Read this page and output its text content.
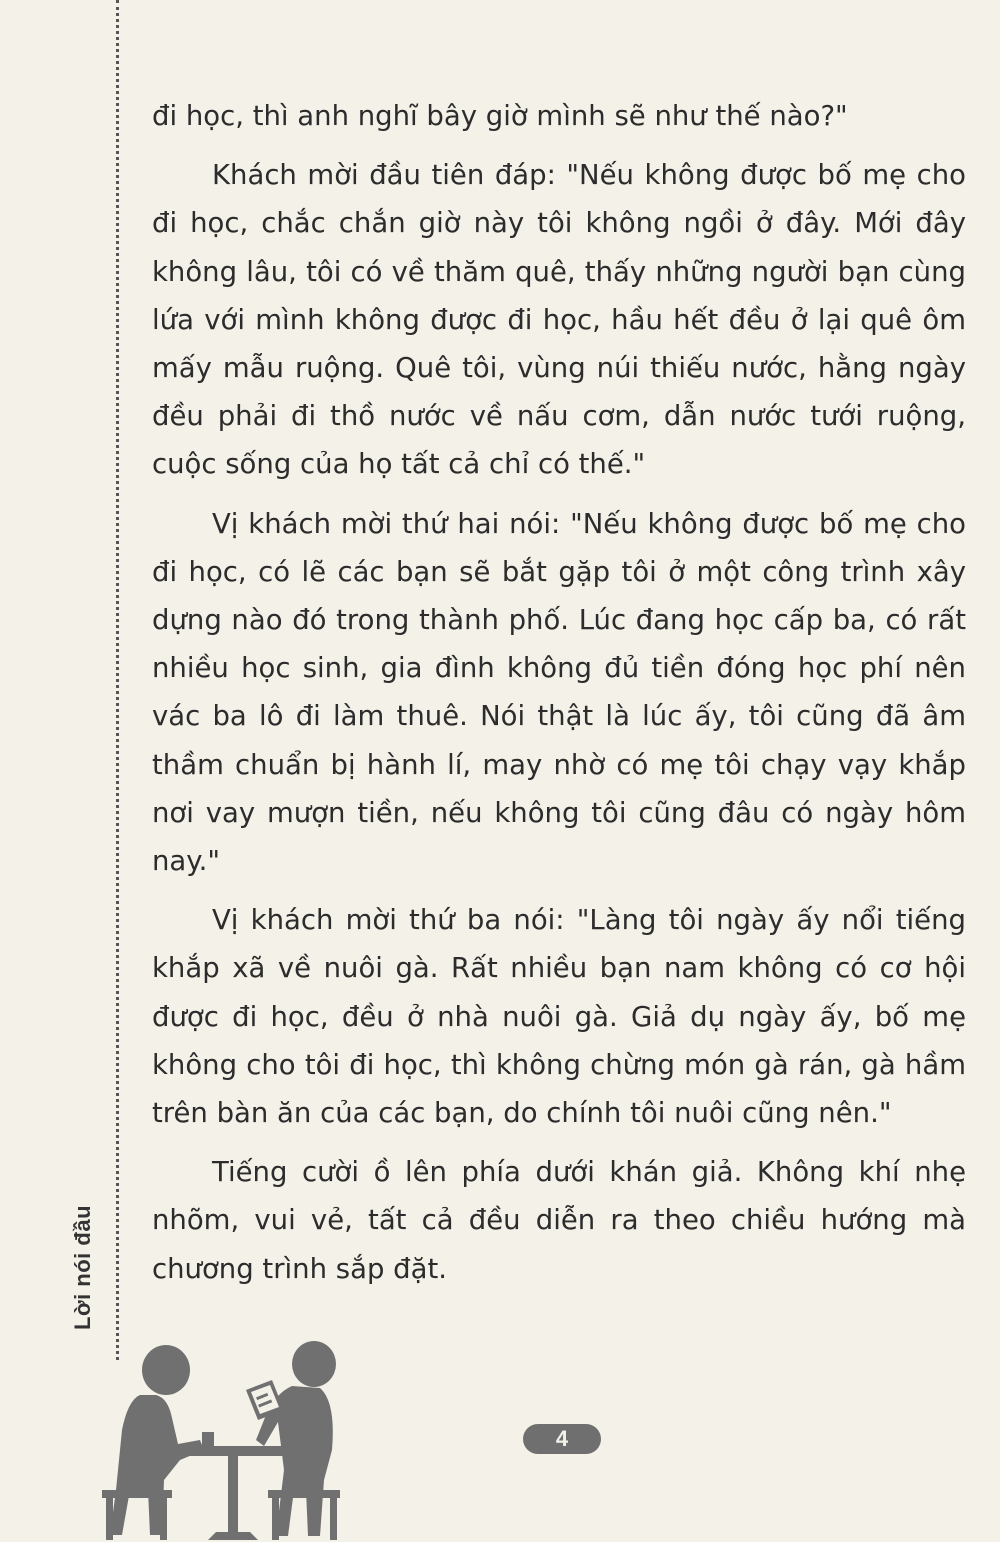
Lời nói đầu

đi học, thì anh nghĩ bây giờ mình sẽ như thế nào?"

Khách mời đầu tiên đáp: "Nếu không được bố mẹ cho đi học, chắc chắn giờ này tôi không ngồi ở đây. Mới đây không lâu, tôi có về thăm quê, thấy những người bạn cùng lứa với mình không được đi học, hầu hết đều ở lại quê ôm mấy mẫu ruộng. Quê tôi, vùng núi thiếu nước, hằng ngày đều phải đi thồ nước về nấu cơm, dẫn nước tưới ruộng, cuộc sống của họ tất cả chỉ có thế."

Vị khách mời thứ hai nói: "Nếu không được bố mẹ cho đi học, có lẽ các bạn sẽ bắt gặp tôi ở một công trình xây dựng nào đó trong thành phố. Lúc đang học cấp ba, có rất nhiều học sinh, gia đình không đủ tiền đóng học phí nên vác ba lô đi làm thuê. Nói thật là lúc ấy, tôi cũng đã âm thầm chuẩn bị hành lí, may nhờ có mẹ tôi chạy vạy khắp nơi vay mượn tiền, nếu không tôi cũng đâu có ngày hôm nay."

Vị khách mời thứ ba nói: "Làng tôi ngày ấy nổi tiếng khắp xã về nuôi gà. Rất nhiều bạn nam không có cơ hội được đi học, đều ở nhà nuôi gà. Giả dụ ngày ấy, bố mẹ không cho tôi đi học, thì không chừng món gà rán, gà hầm trên bàn ăn của các bạn, do chính tôi nuôi cũng nên."

Tiếng cười ồ lên phía dưới khán giả. Không khí nhẹ nhõm, vui vẻ, tất cả đều diễn ra theo chiều hướng mà chương trình sắp đặt.

4
